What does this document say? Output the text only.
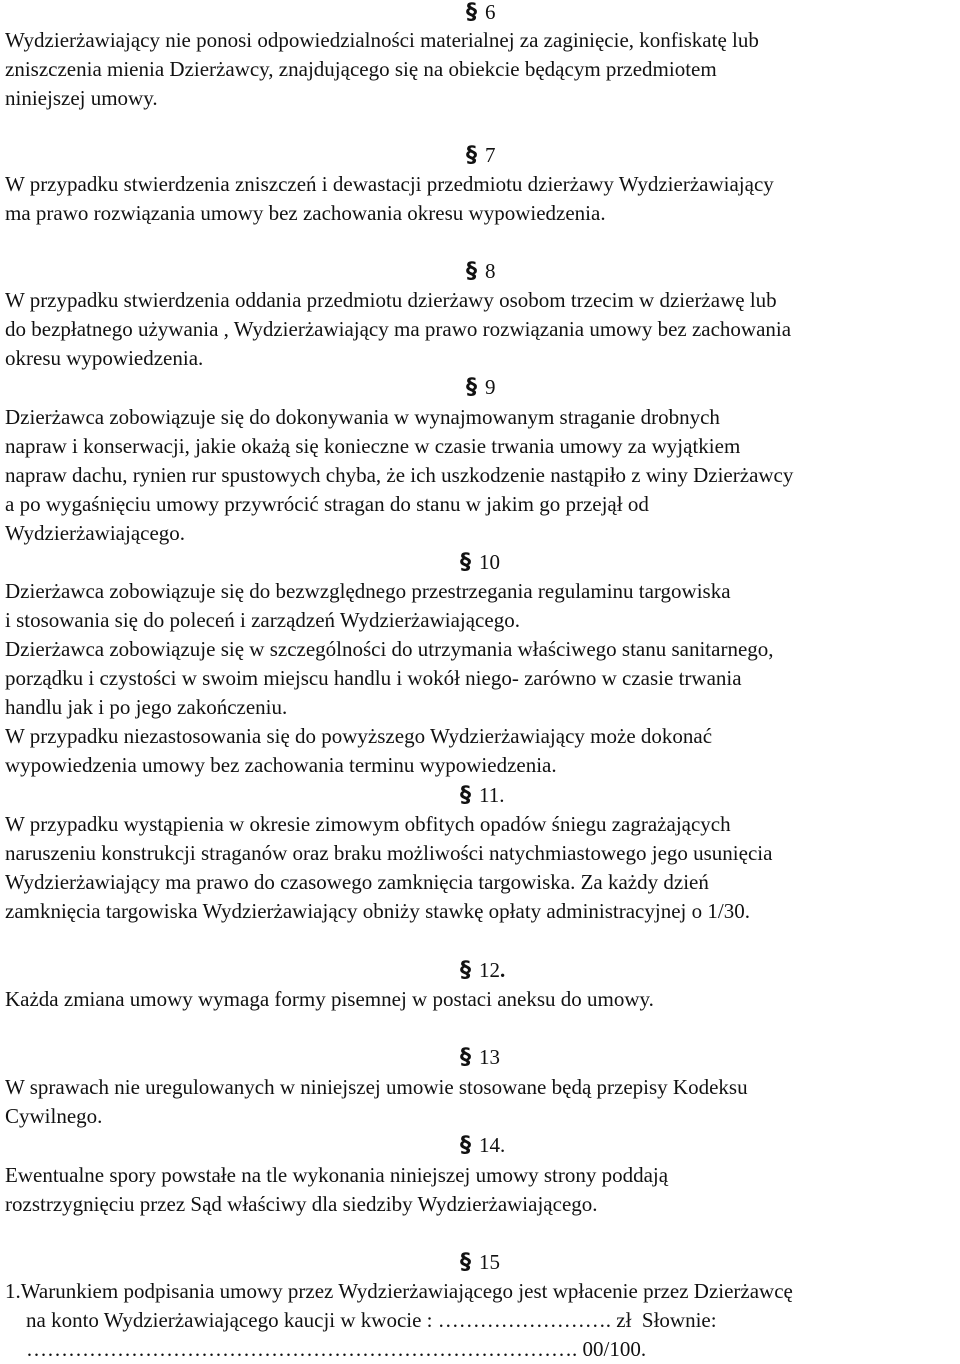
§ 6
Wydzierżawiający nie ponosi odpowiedzialności materialnej za zaginięcie, konfiskatę lub
zniszczenia mienia Dzierżawcy, znajdującego się na obiekcie będącym przedmiotem
niniejszej umowy.
§ 7
W przypadku stwierdzenia zniszczeń i dewastacji przedmiotu dzierżawy Wydzierżawiający
ma prawo rozwiązania umowy bez zachowania okresu wypowiedzenia.
§ 8
W przypadku stwierdzenia oddania przedmiotu dzierżawy osobom trzecim w dzierżawę lub
do bezpłatnego używania , Wydzierżawiający ma prawo rozwiązania umowy bez zachowania
okresu wypowiedzenia.
§ 9
Dzierżawca zobowiązuje się do dokonywania w wynajmowanym straganie drobnych
napraw i konserwacji, jakie okażą się konieczne w czasie trwania umowy za wyjątkiem
napraw dachu, rynien rur spustowych chyba, że ich uszkodzenie nastąpiło z winy Dzierżawcy
a po wygaśnięciu umowy przywrócić stragan do stanu w jakim go przejął od
Wydzierżawiającego.
§ 10
Dzierżawca zobowiązuje się do bezwzględnego przestrzegania regulaminu targowiska
i stosowania się do poleceń i zarządzeń Wydzierżawiającego.
Dzierżawca zobowiązuje się w szczególności do utrzymania właściwego stanu sanitarnego,
porządku i czystości w swoim miejscu handlu i wokół niego- zarówno w czasie trwania
handlu jak i po jego zakończeniu.
W przypadku niezastosowania się do powyższego Wydzierżawiający może dokonać
wypowiedzenia umowy bez zachowania terminu wypowiedzenia.
§ 11.
W przypadku wystąpienia w okresie zimowym obfitych opadów śniegu zagrażających
naruszeniu konstrukcji straganów oraz braku możliwości natychmiastowego jego usunięcia
Wydzierżawiający ma prawo do czasowego zamknięcia targowiska. Za każdy dzień
zamknięcia targowiska Wydzierżawiający obniży stawkę opłaty administracyjnej o 1/30.
§ 12.
Każda zmiana umowy wymaga formy pisemnej w postaci aneksu do umowy.
§ 13
W sprawach nie uregulowanych w niniejszej umowie stosowane będą przepisy Kodeksu
Cywilnego.
§ 14.
Ewentualne spory powstałe na tle wykonania niniejszej umowy strony poddają
rozstrzygnięciu przez Sąd właściwy dla siedziby Wydzierżawiającego.
§ 15
1.Warunkiem podpisania umowy przez Wydzierżawiającego jest wpłacenie przez Dzierżawcę
na konto Wydzierżawiającego kaucji w kwocie : ……………………. zł  Słownie:
……………………………………………………………………. 00/100.
